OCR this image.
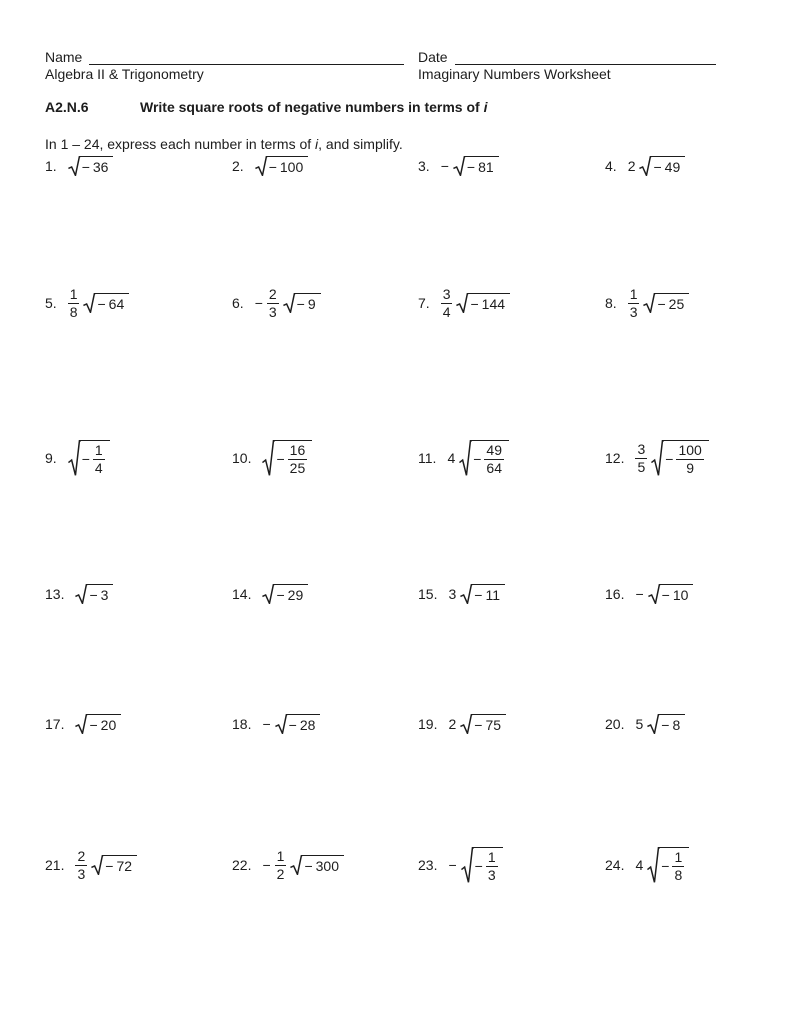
Name
Algebra II & Trigonometry
Date
Imaginary Numbers Worksheet
A2.N.6	Write square roots of negative numbers in terms of i
In 1 – 24, express each number in terms of i, and simplify.
1. − 36	2. − 100	3. − − 81	4. 2 − 49
5. $\frac{1}{8} - 64$	6. − $\frac{2}{3} - 9$	7. $\frac{3}{4} - 144$	8. $\frac{1}{3} - 25$
9. − $\frac{1}{4}$	10. − $\frac{16}{25}$	11. $4 - \frac{49}{64}$	12. $\frac{3}{5} - \frac{100}{9}$
13. − 3	14. − 29	15. 3 − 11	16. − − 10
17. − 20	18. − − 28	19. 2 − 75	20. 5 − 8
21. $\frac{2}{3} - 72$	22. − $\frac{1}{2} - 300$	23. − − $\frac{1}{3}$	24. $4 - \frac{1}{8}$
